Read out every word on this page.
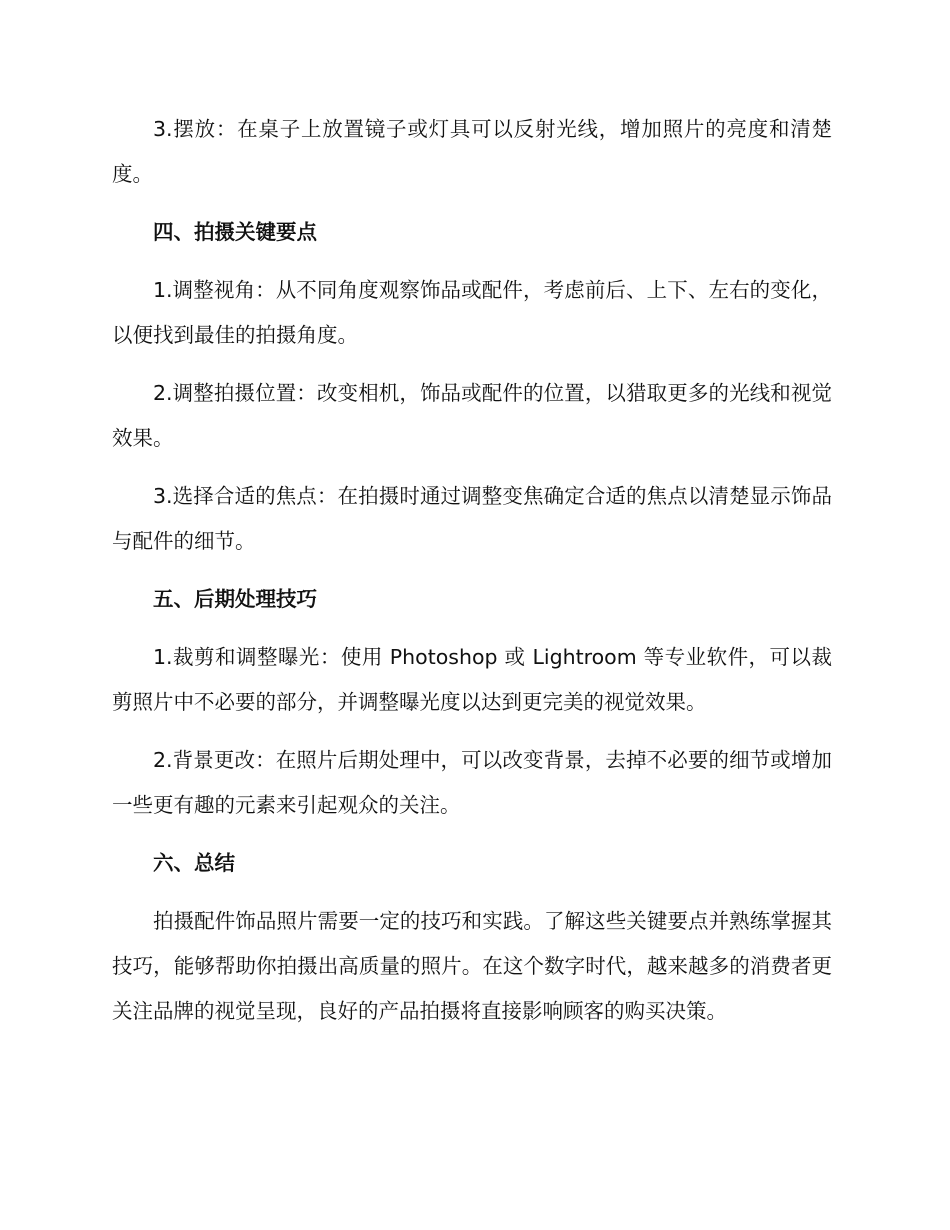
3.摆放：在桌子上放置镜子或灯具可以反射光线，增加照片的亮度和清楚度。

四、拍摄关键要点

1.调整视角：从不同角度观察饰品或配件，考虑前后、上下、左右的变化，以便找到最佳的拍摄角度。

2.调整拍摄位置：改变相机，饰品或配件的位置，以猎取更多的光线和视觉效果。

3.选择合适的焦点：在拍摄时通过调整变焦确定合适的焦点以清楚显示饰品与配件的细节。

五、后期处理技巧

1.裁剪和调整曝光：使用 Photoshop 或 Lightroom 等专业软件，可以裁剪照片中不必要的部分，并调整曝光度以达到更完美的视觉效果。

2.背景更改：在照片后期处理中，可以改变背景，去掉不必要的细节或增加一些更有趣的元素来引起观众的关注。

六、总结

拍摄配件饰品照片需要一定的技巧和实践。了解这些关键要点并熟练掌握其技巧，能够帮助你拍摄出高质量的照片。在这个数字时代，越来越多的消费者更关注品牌的视觉呈现，良好的产品拍摄将直接影响顾客的购买决策。
